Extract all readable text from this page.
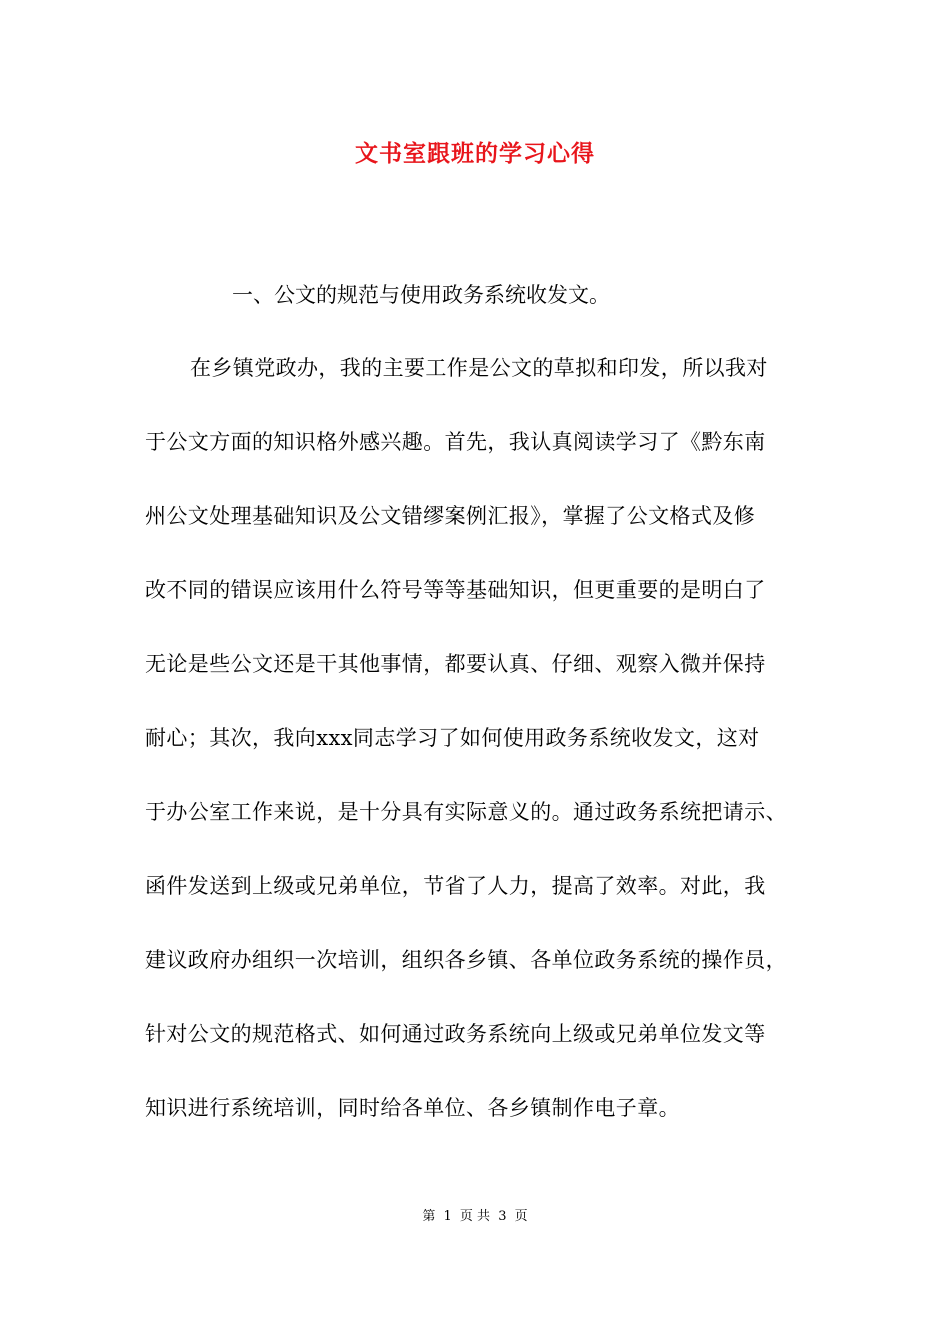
文书室跟班的学习心得
一、公文的规范与使用政务系统收发文。
在乡镇党政办，我的主要工作是公文的草拟和印发，所以我对
于公文方面的知识格外感兴趣。首先，我认真阅读学习了《黔东南
州公文处理基础知识及公文错缪案例汇报》，掌握了公文格式及修
改不同的错误应该用什么符号等等基础知识，但更重要的是明白了
无论是些公文还是干其他事情，都要认真、仔细、观察入微并保持
耐心；其次，我向xxx同志学习了如何使用政务系统收发文，这对
于办公室工作来说，是十分具有实际意义的。通过政务系统把请示、
函件发送到上级或兄弟单位，节省了人力，提高了效率。对此，我
建议政府办组织一次培训，组织各乡镇、各单位政务系统的操作员，
针对公文的规范格式、如何通过政务系统向上级或兄弟单位发文等
知识进行系统培训，同时给各单位、各乡镇制作电子章。
第 1 页 共 3 页
